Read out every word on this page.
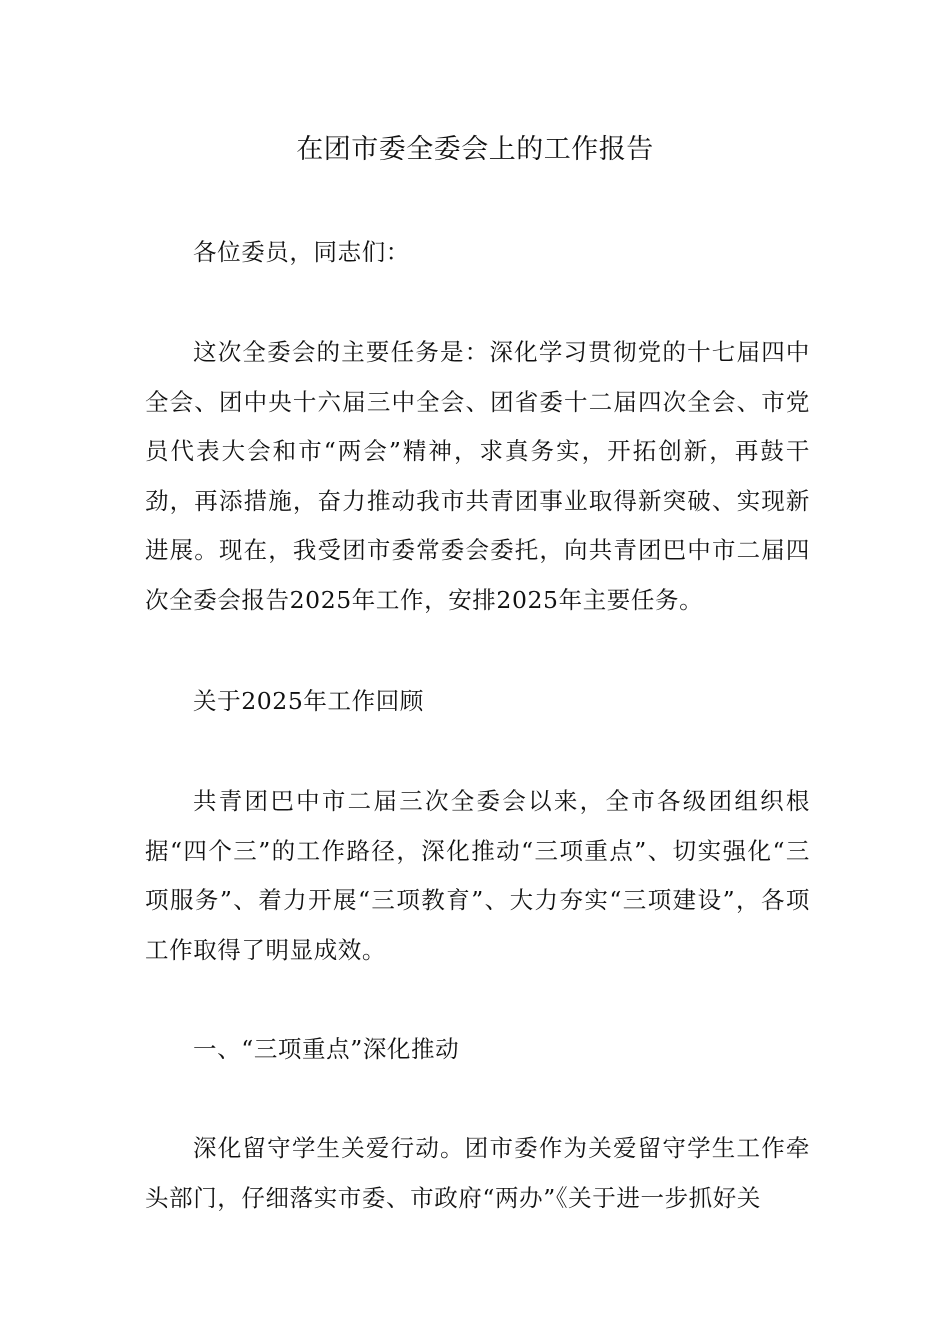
在团市委全委会上的工作报告

各位委员，同志们：

这次全委会的主要任务是：深化学习贯彻党的十七届四中全会、团中央十六届三中全会、团省委十二届四次全会、市党员代表大会和市“两会”精神，求真务实，开拓创新，再鼓干劲，再添措施，奋力推动我市共青团事业取得新突破、实现新进展。现在，我受团市委常委会委托，向共青团巴中市二届四次全委会报告2025年工作，安排2025年主要任务。

关于2025年工作回顾

共青团巴中市二届三次全委会以来，全市各级团组织根据“四个三”的工作路径，深化推动“三项重点”、切实强化“三项服务”、着力开展“三项教育”、大力夯实“三项建设”，各项工作取得了明显成效。

一、“三项重点”深化推动

深化留守学生关爱行动。团市委作为关爱留守学生工作牵头部门，仔细落实市委、市政府“两办”《关于进一步抓好关
